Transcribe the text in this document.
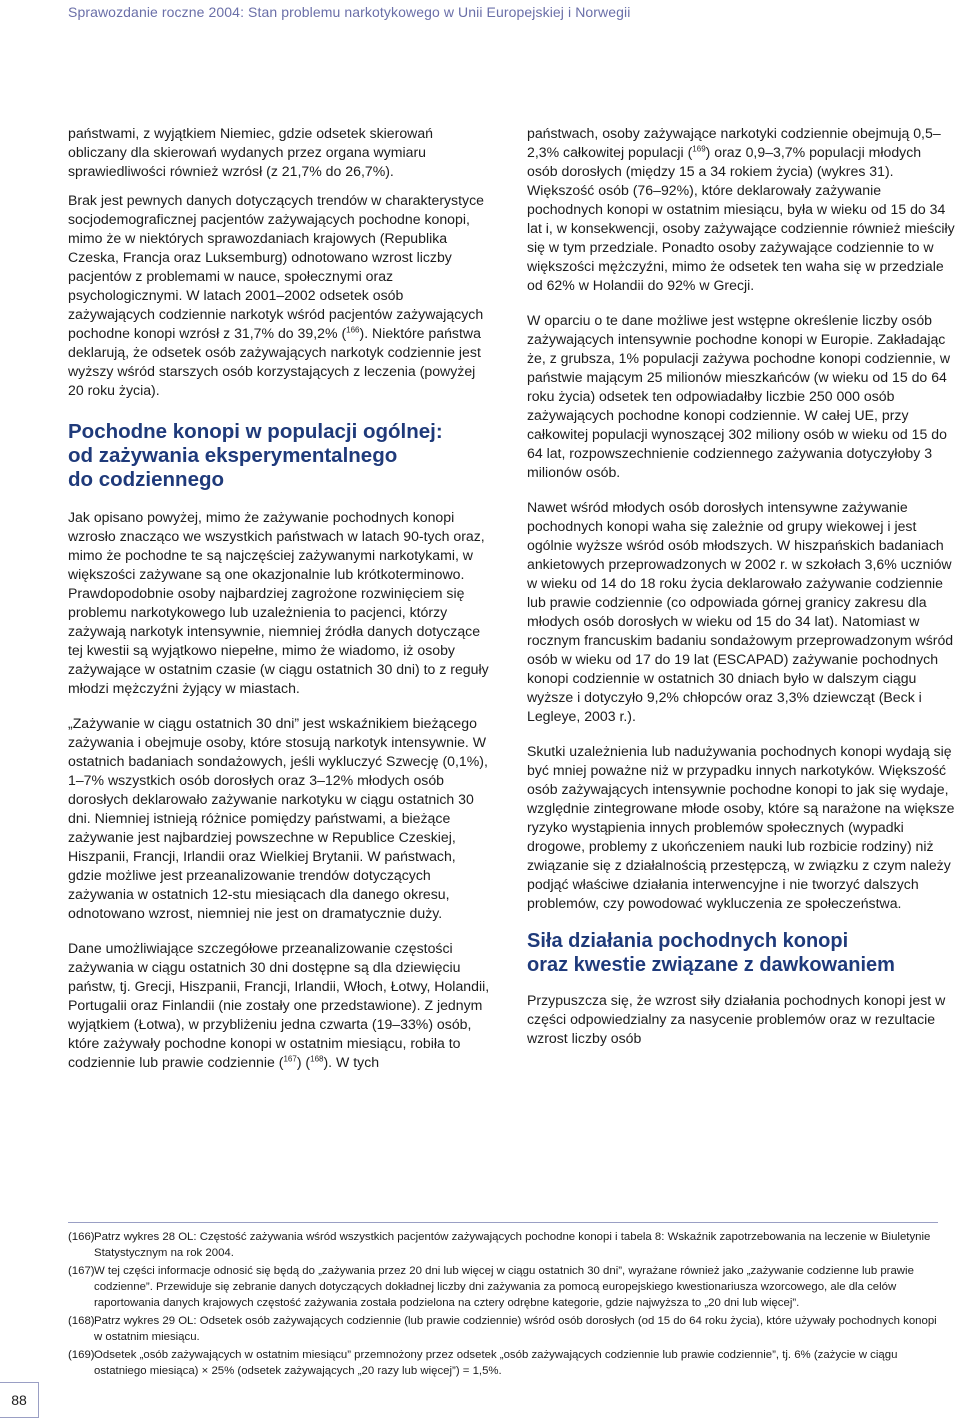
Sprawozdanie roczne 2004: Stan problemu narkotykowego w Unii Europejskiej i Norwegii

państwami, z wyjątkiem Niemiec, gdzie odsetek skierowań obliczany dla skierowań wydanych przez organa wymiaru sprawiedliwości również wzrósł (z 21,7% do 26,7%).

Brak jest pewnych danych dotyczących trendów w charakterystyce socjodemograficznej pacjentów zażywających pochodne konopi, mimo że w niektórych sprawozdaniach krajowych (Republika Czeska, Francja oraz Luksemburg) odnotowano wzrost liczby pacjentów z problemami w nauce, społecznymi oraz psychologicznymi. W latach 2001–2002 odsetek osób zażywających codziennie narkotyk wśród pacjentów zażywających pochodne konopi wzrósł z 31,7% do 39,2% ($^{166}$). Niektóre państwa deklarują, że odsetek osób zażywających narkotyk codziennie jest wyższy wśród starszych osób korzystających z leczenia (powyżej 20 roku życia).

Pochodne konopi w populacji ogólnej:
od zażywania eksperymentalnego
do codziennego

Jak opisano powyżej, mimo że zażywanie pochodnych konopi wzrosło znacząco we wszystkich państwach w latach 90-tych oraz, mimo że pochodne te są najczęściej zażywanymi narkotykami, w większości zażywane są one okazjonalnie lub krótkoterminowo. Prawdopodobnie osoby najbardziej zagrożone rozwinięciem się problemu narkotykowego lub uzależnienia to pacjenci, którzy zażywają narkotyk intensywnie, niemniej źródła danych dotyczące tej kwestii są wyjątkowo niepełne, mimo że wiadomo, iż osoby zażywające w ostatnim czasie (w ciągu ostatnich 30 dni) to z reguły młodzi mężczyźni żyjący w miastach.

„Zażywanie w ciągu ostatnich 30 dni” jest wskaźnikiem bieżącego zażywania i obejmuje osoby, które stosują narkotyk intensywnie. W ostatnich badaniach sondażowych, jeśli wykluczyć Szwecję (0,1%), 1–7% wszystkich osób dorosłych oraz 3–12% młodych osób dorosłych deklarowało zażywanie narkotyku w ciągu ostatnich 30 dni. Niemniej istnieją różnice pomiędzy państwami, a bieżące zażywanie jest najbardziej powszechne w Republice Czeskiej, Hiszpanii, Francji, Irlandii oraz Wielkiej Brytanii. W państwach, gdzie możliwe jest przeanalizowanie trendów dotyczących zażywania w ostatnich 12-stu miesiącach dla danego okresu, odnotowano wzrost, niemniej nie jest on dramatycznie duży.

Dane umożliwiające szczegółowe przeanalizowanie częstości zażywania w ciągu ostatnich 30 dni dostępne są dla dziewięciu państw, tj. Grecji, Hiszpanii, Francji, Irlandii, Włoch, Łotwy, Holandii, Portugalii oraz Finlandii (nie zostały one przedstawione). Z jednym wyjątkiem (Łotwa), w przybliżeniu jedna czwarta (19–33%) osób, które zażywały pochodne konopi w ostatnim miesiącu, robiła to codziennie lub prawie codziennie ($^{167}$) ($^{168}$). W tych

państwach, osoby zażywające narkotyki codziennie obejmują 0,5–2,3% całkowitej populacji ($^{169}$) oraz 0,9–3,7% populacji młodych osób dorosłych (między 15 a 34 rokiem życia) (wykres 31). Większość osób (76–92%), które deklarowały zażywanie pochodnych konopi w ostatnim miesiącu, była w wieku od 15 do 34 lat i, w konsekwencji, osoby zażywające codziennie również mieściły się w tym przedziale. Ponadto osoby zażywające codziennie to w większości mężczyźni, mimo że odsetek ten waha się w przedziale od 62% w Holandii do 92% w Grecji.

W oparciu o te dane możliwe jest wstępne określenie liczby osób zażywających intensywnie pochodne konopi w Europie. Zakładając że, z grubsza, 1% populacji zażywa pochodne konopi codziennie, w państwie mającym 25 milionów mieszkańców (w wieku od 15 do 64 roku życia) odsetek ten odpowiadałby liczbie 250 000 osób zażywających pochodne konopi codziennie. W całej UE, przy całkowitej populacji wynoszącej 302 miliony osób w wieku od 15 do 64 lat, rozpowszechnienie codziennego zażywania dotyczyłoby 3 milionów osób.

Nawet wśród młodych osób dorosłych intensywne zażywanie pochodnych konopi waha się zależnie od grupy wiekowej i jest ogólnie wyższe wśród osób młodszych. W hiszpańskich badaniach ankietowych przeprowadzonych w 2002 r. w szkołach 3,6% uczniów w wieku od 14 do 18 roku życia deklarowało zażywanie codziennie lub prawie codziennie (co odpowiada górnej granicy zakresu dla młodych osób dorosłych w wieku od 15 do 34 lat). Natomiast w rocznym francuskim badaniu sondażowym przeprowadzonym wśród osób w wieku od 17 do 19 lat (ESCAPAD) zażywanie pochodnych konopi codziennie w ostatnich 30 dniach było w dalszym ciągu wyższe i dotyczyło 9,2% chłopców oraz 3,3% dziewcząt (Beck i Legleye, 2003 r.).

Skutki uzależnienia lub nadużywania pochodnych konopi wydają się być mniej poważne niż w przypadku innych narkotyków. Większość osób zażywających intensywnie pochodne konopi to jak się wydaje, względnie zintegrowane młode osoby, które są narażone na większe ryzyko wystąpienia innych problemów społecznych (wypadki drogowe, problemy z ukończeniem nauki lub rozbicie rodziny) niż związanie się z działalnością przestępczą, w związku z czym należy podjąć właściwe działania interwencyjne i nie tworzyć dalszych problemów, czy powodować wykluczenia ze społeczeństwa.

Siła działania pochodnych konopi
oraz kwestie związane z dawkowaniem

Przypuszcza się, że wzrost siły działania pochodnych konopi jest w części odpowiedzialny za nasycenie problemów oraz w rezultacie wzrost liczby osób

(166) Patrz wykres 28 OL: Częstość zażywania wśród wszystkich pacjentów zażywających pochodne konopi i tabela 8: Wskaźnik zapotrzebowania na leczenie w Biuletynie Statystycznym na rok 2004.

(167) W tej części informacje odnosić się będą do „zażywania przez 20 dni lub więcej w ciągu ostatnich 30 dni”, wyrażane również jako „zażywanie codzienne lub prawie codzienne”. Przewiduje się zebranie danych dotyczących dokładnej liczby dni zażywania za pomocą europejskiego kwestionariusza wzorcowego, ale dla celów raportowania danych krajowych częstość zażywania została podzielona na cztery odrębne kategorie, gdzie najwyższa to „20 dni lub więcej”.

(168) Patrz wykres 29 OL: Odsetek osób zażywających codziennie (lub prawie codziennie) wśród osób dorosłych (od 15 do 64 roku życia), które używały pochodnych konopi w ostatnim miesiącu.

(169) Odsetek „osób zażywających w ostatnim miesiącu” przemnożony przez odsetek „osób zażywających codziennie lub prawie codziennie”, tj. 6% (zażycie w ciągu ostatniego miesiąca) × 25% (odsetek zażywających „20 razy lub więcej”) = 1,5%.

88
